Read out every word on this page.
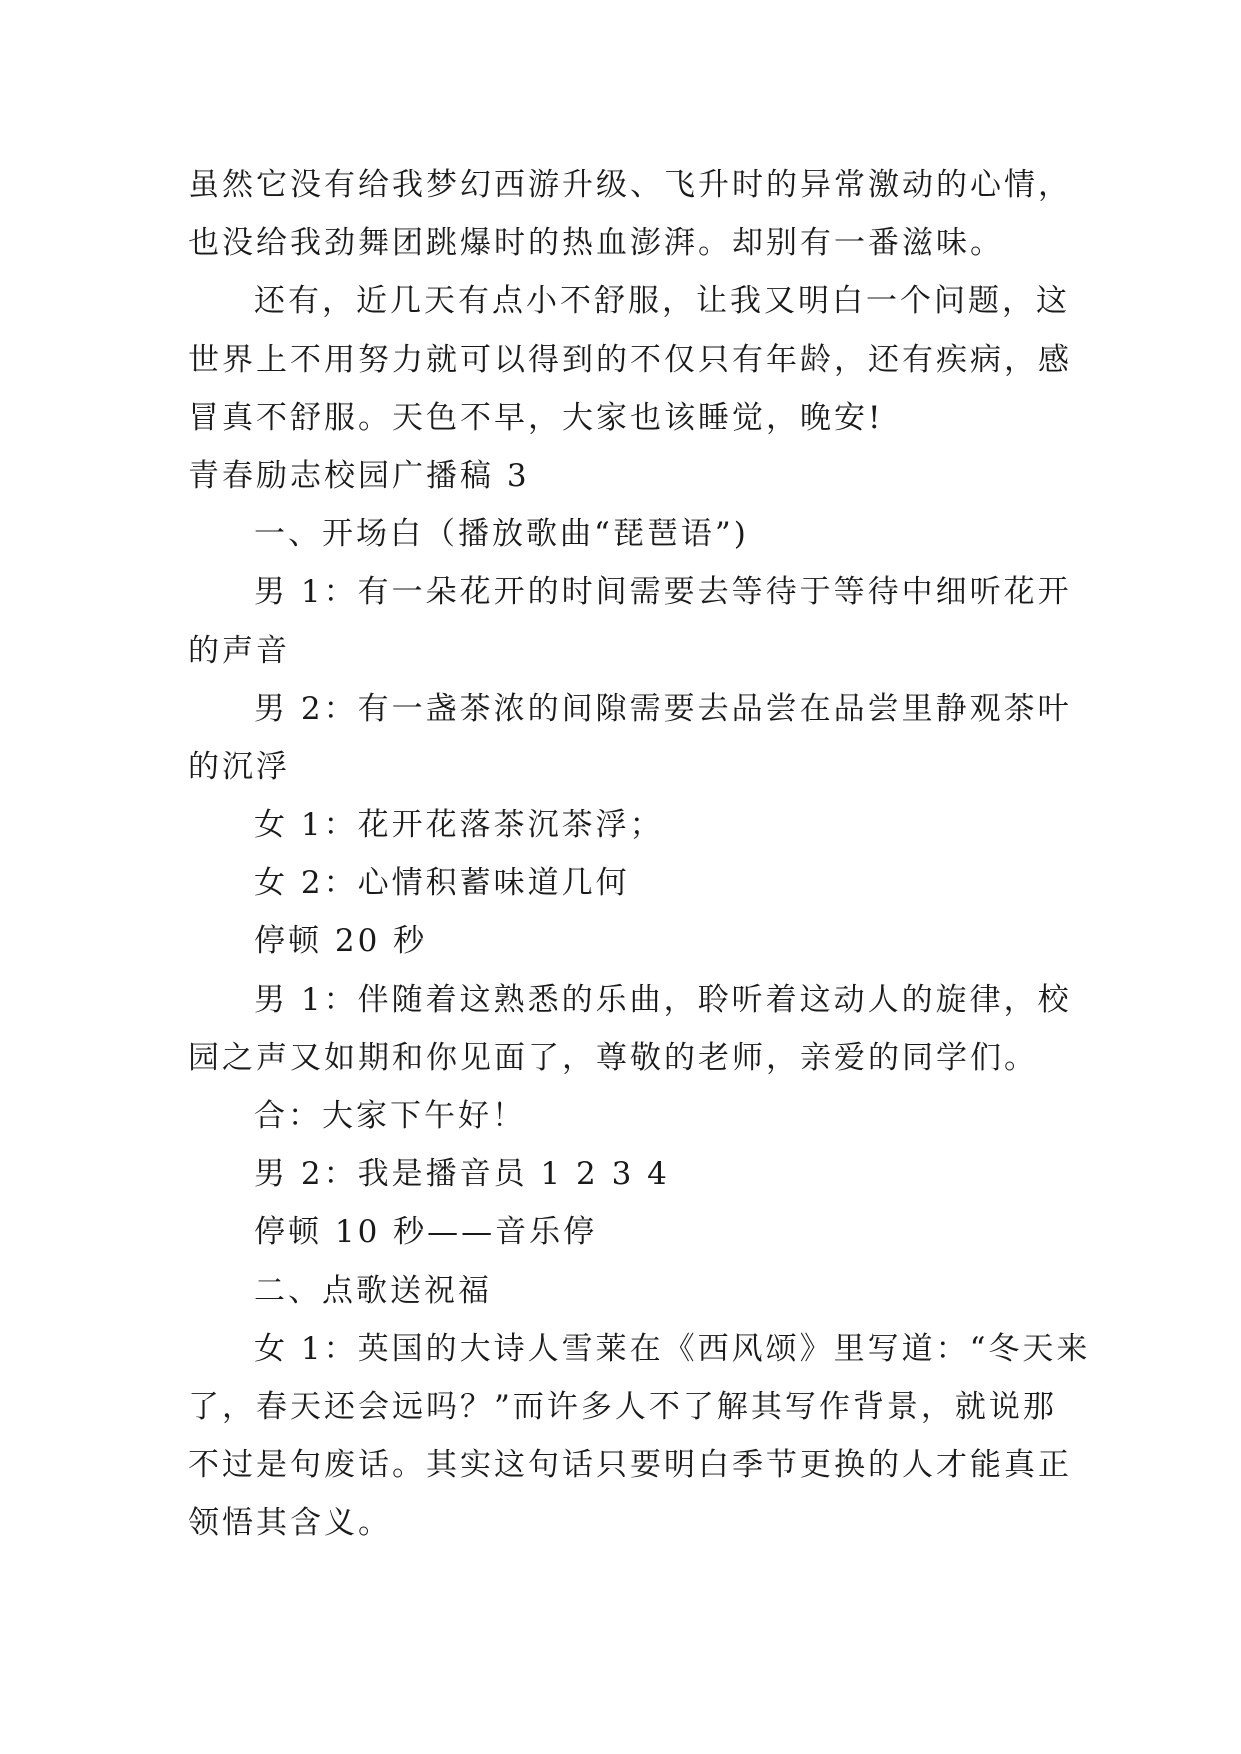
虽然它没有给我梦幻西游升级、飞升时的异常激动的心情，
也没给我劲舞团跳爆时的热血澎湃。却别有一番滋味。
还有，近几天有点小不舒服，让我又明白一个问题，这
世界上不用努力就可以得到的不仅只有年龄，还有疾病，感
冒真不舒服。天色不早，大家也该睡觉，晚安!
青春励志校园广播稿 3
一、开场白（播放歌曲“琵琶语”)
男 1：有一朵花开的时间需要去等待于等待中细听花开
的声音
男 2：有一盏茶浓的间隙需要去品尝在品尝里静观茶叶
的沉浮
女 1：花开花落茶沉茶浮；
女 2：心情积蓄味道几何
停顿 20 秒
男 1：伴随着这熟悉的乐曲，聆听着这动人的旋律，校
园之声又如期和你见面了，尊敬的老师，亲爱的同学们。
合：大家下午好！
男 2：我是播音员 1 2 3 4
停顿 10 秒——音乐停
二、点歌送祝福
女 1：英国的大诗人雪莱在《西风颂》里写道：“冬天来
了，春天还会远吗？”而许多人不了解其写作背景，就说那
不过是句废话。其实这句话只要明白季节更换的人才能真正
领悟其含义。
